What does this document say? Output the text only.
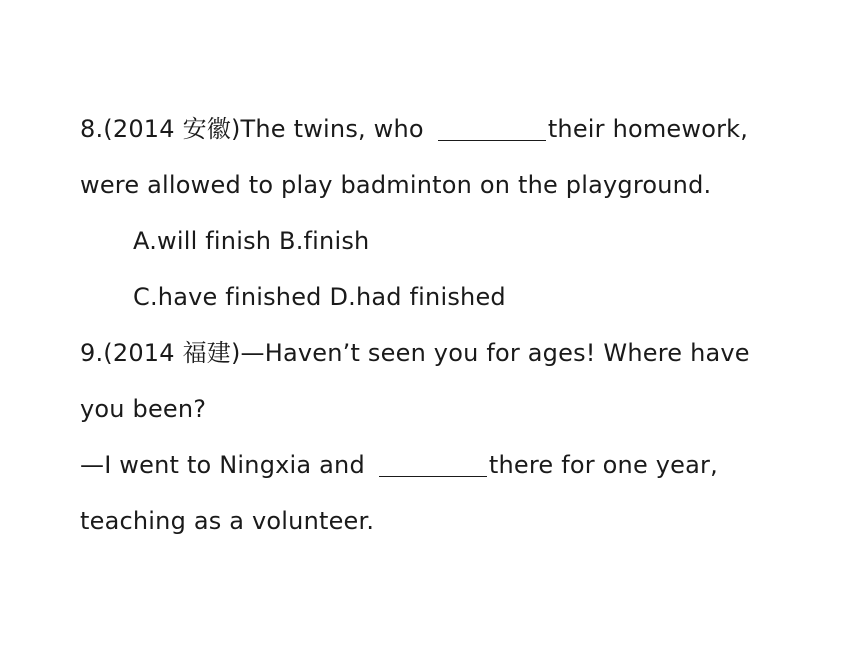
8.(2014 安徽)The twins, who	their homework,
were allowed to play badminton on the playground.
A.will finish B.finish
C.have finished D.had finished
9.(2014 福建)—Haven’t seen you for ages! Where have
you been?
—I went to Ningxia and	there for one year,
teaching as a volunteer.
